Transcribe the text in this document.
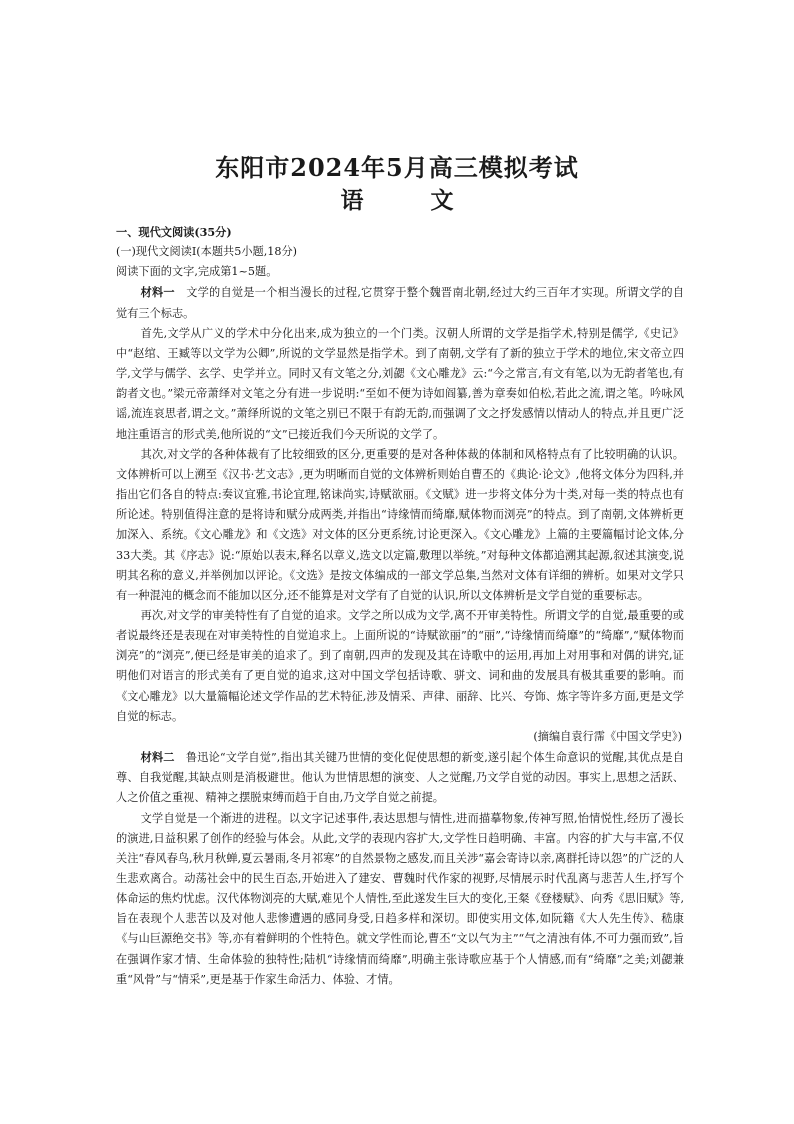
东阳市2024年5月高三模拟考试
语　文

一、现代文阅读(35分)

(一)现代文阅读Ⅰ(本题共5小题,18分)

阅读下面的文字,完成第1~5题。

材料一　 文学的自觉是一个相当漫长的过程,它贯穿于整个魏晋南北朝,经过大约三百年才实现。所谓文学的自觉有三个标志。

首先,文学从广义的学术中分化出来,成为独立的一个门类。汉朝人所谓的文学是指学术,特别是儒学,《史记》中“赵绾、王臧等以文学为公卿”,所说的文学显然是指学术。到了南朝,文学有了新的独立于学术的地位,宋文帝立四学,文学与儒学、玄学、史学并立。同时又有文笔之分,刘勰《文心雕龙》云:“今之常言,有文有笔,以为无韵者笔也,有韵者文也。”梁元帝萧绎对文笔之分有进一步说明:“至如不便为诗如阎纂,善为章奏如伯松,若此之流,谓之笔。吟咏风谣,流连哀思者,谓之文。”萧绎所说的文笔之别已不限于有韵无韵,而强调了文之抒发感情以情动人的特点,并且更广泛地注重语言的形式美,他所说的“文”已接近我们今天所说的文学了。

其次,对文学的各种体裁有了比较细致的区分,更重要的是对各种体裁的体制和风格特点有了比较明确的认识。文体辨析可以上溯至《汉书·艺文志》,更为明晰而自觉的文体辨析则始自曹丕的《典论·论文》,他将文体分为四科,并指出它们各自的特点:奏议宜雅,书论宜理,铭诔尚实,诗赋欲丽。《文赋》进一步将文体分为十类,对每一类的特点也有所论述。特别值得注意的是将诗和赋分成两类,并指出“诗缘情而绮靡,赋体物而浏亮”的特点。到了南朝,文体辨析更加深入、系统。《文心雕龙》和《文选》对文体的区分更系统,讨论更深入。《文心雕龙》上篇的主要篇幅讨论文体,分33大类。其《序志》说:“原始以表末,释名以章义,选文以定篇,敷理以举统。”对每种文体都追溯其起源,叙述其演变,说明其名称的意义,并举例加以评论。《文选》是按文体编成的一部文学总集,当然对文体有详细的辨析。如果对文学只有一种混沌的概念而不能加以区分,还不能算是对文学有了自觉的认识,所以文体辨析是文学自觉的重要标志。

再次,对文学的审美特性有了自觉的追求。文学之所以成为文学,离不开审美特性。所谓文学的自觉,最重要的或者说最终还是表现在对审美特性的自觉追求上。上面所说的“诗赋欲丽”的“丽”,“诗缘情而绮靡”的“绮靡”,“赋体物而浏亮”的“浏亮”,便已经是审美的追求了。到了南朝,四声的发现及其在诗歌中的运用,再加上对用事和对偶的讲究,证明他们对语言的形式美有了更自觉的追求,这对中国文学包括诗歌、骈文、词和曲的发展具有极其重要的影响。而《文心雕龙》以大量篇幅论述文学作品的艺术特征,涉及情采、声律、丽辞、比兴、夸饰、炼字等许多方面,更是文学自觉的标志。

(摘编自袁行霈《中国文学史》)

材料二　 鲁迅论“文学自觉”,指出其关键乃世情的变化促使思想的新变,遂引起个体生命意识的觉醒,其优点是自尊、自我觉醒,其缺点则是消极避世。他认为世情思想的演变、人之觉醒,乃文学自觉的动因。事实上,思想之活跃、人之价值之重视、精神之摆脱束缚而趋于自由,乃文学自觉之前提。

文学自觉是一个渐进的进程。以文字记述事件,表达思想与情性,进而描摹物象,传神写照,怡情悦性,经历了漫长的演进,日益积累了创作的经验与体会。从此,文学的表现内容扩大,文学性日趋明确、丰富。内容的扩大与丰富,不仅关注“春风春鸟,秋月秋蝉,夏云暑雨,冬月祁寒”的自然景物之感发,而且关涉“嘉会寄诗以亲,离群托诗以怨”的广泛的人生悲欢离合。动荡社会中的民生百态,开始进入了建安、曹魏时代作家的视野,尽情展示时代乱离与悲苦人生,抒写个体命运的焦灼忧虑。汉代体物浏亮的大赋,难见个人情性,至此遂发生巨大的变化,王粲《登楼赋》、向秀《思旧赋》等,旨在表现个人悲苦以及对他人悲惨遭遇的感同身受,日趋多样和深切。即使实用文体,如阮籍《大人先生传》、嵇康《与山巨源绝交书》等,亦有着鲜明的个性特色。就文学性而论,曹丕“文以气为主”“气之清浊有体,不可力强而致”,旨在强调作家才情、生命体验的独特性;陆机“诗缘情而绮靡”,明确主张诗歌应基于个人情感,而有“绮靡”之美;刘勰兼重“风骨”与“情采”,更是基于作家生命活力、体验、才情。
